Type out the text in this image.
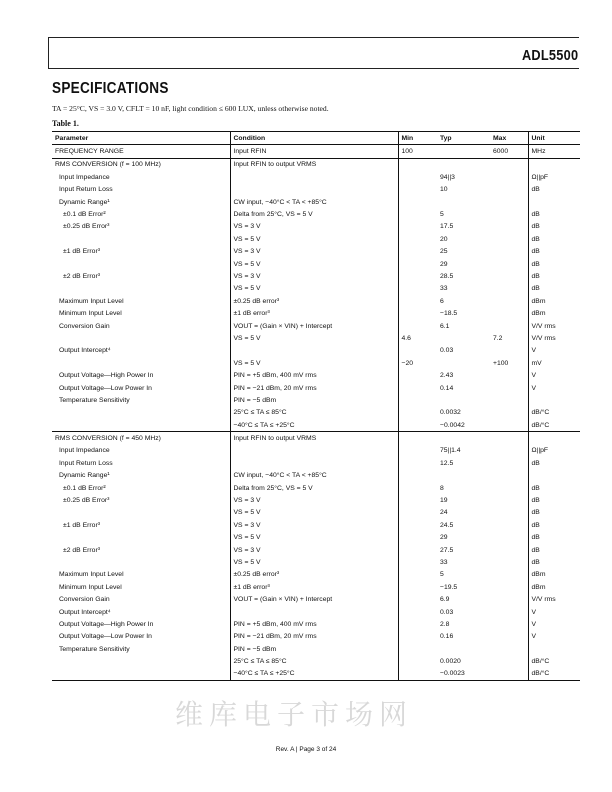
ADL5500
SPECIFICATIONS
TA = 25°C, VS = 3.0 V, CFLT = 10 nF, light condition ≤ 600 LUX, unless otherwise noted.
Table 1.
Parameter	Condition	Min	Typ	Max	Unit
FREQUENCY RANGE	Input RFIN	100		6000	MHz
RMS CONVERSION (f = 100 MHz)	Input RFIN to output VRMS				
Input Impedance			94||3		Ω||pF
Input Return Loss			10		dB
Dynamic Range¹	CW input, −40°C < TA < +85°C				
±0.1 dB Error²	Delta from 25°C, VS = 5 V		5		dB
±0.25 dB Error³	VS = 3 V		17.5		dB
	VS = 5 V		20		dB
±1 dB Error³	VS = 3 V		25		dB
	VS = 5 V		29		dB
±2 dB Error³	VS = 3 V		28.5		dB
	VS = 5 V		33		dB
Maximum Input Level	±0.25 dB error³		6		dBm
Minimum Input Level	±1 dB error³		−18.5		dBm
Conversion Gain	VOUT = (Gain × VIN) + Intercept		6.1		V/V rms
	VS = 5 V	4.6		7.2	V/V rms
Output Intercept⁴			0.03		V
	VS = 5 V	−20		+100	mV
Output Voltage—High Power In	PIN = +5 dBm, 400 mV rms		2.43		V
Output Voltage—Low Power In	PIN = −21 dBm, 20 mV rms		0.14		V
Temperature Sensitivity	PIN = −5 dBm				
	25°C ≤ TA ≤ 85°C		0.0032		dB/°C
	−40°C ≤ TA ≤ +25°C		−0.0042		dB/°C
RMS CONVERSION (f = 450 MHz)	Input RFIN to output VRMS				
Input Impedance			75||1.4		Ω||pF
Input Return Loss			12.5		dB
Dynamic Range¹	CW input, −40°C < TA < +85°C				
±0.1 dB Error²	Delta from 25°C, VS = 5 V		8		dB
±0.25 dB Error³	VS = 3 V		19		dB
	VS = 5 V		24		dB
±1 dB Error³	VS = 3 V		24.5		dB
	VS = 5 V		29		dB
±2 dB Error³	VS = 3 V		27.5		dB
	VS = 5 V		33		dB
Maximum Input Level	±0.25 dB error³		5		dBm
Minimum Input Level	±1 dB error³		−19.5		dBm
Conversion Gain	VOUT = (Gain × VIN) + Intercept		6.9		V/V rms
Output Intercept⁴			0.03		V
Output Voltage—High Power In	PIN = +5 dBm, 400 mV rms		2.8		V
Output Voltage—Low Power In	PIN = −21 dBm, 20 mV rms		0.16		V
Temperature Sensitivity	PIN = −5 dBm				
	25°C ≤ TA ≤ 85°C		0.0020		dB/°C
	−40°C ≤ TA ≤ +25°C		−0.0023		dB/°C
维库电子市场网
Rev. A | Page 3 of 24
